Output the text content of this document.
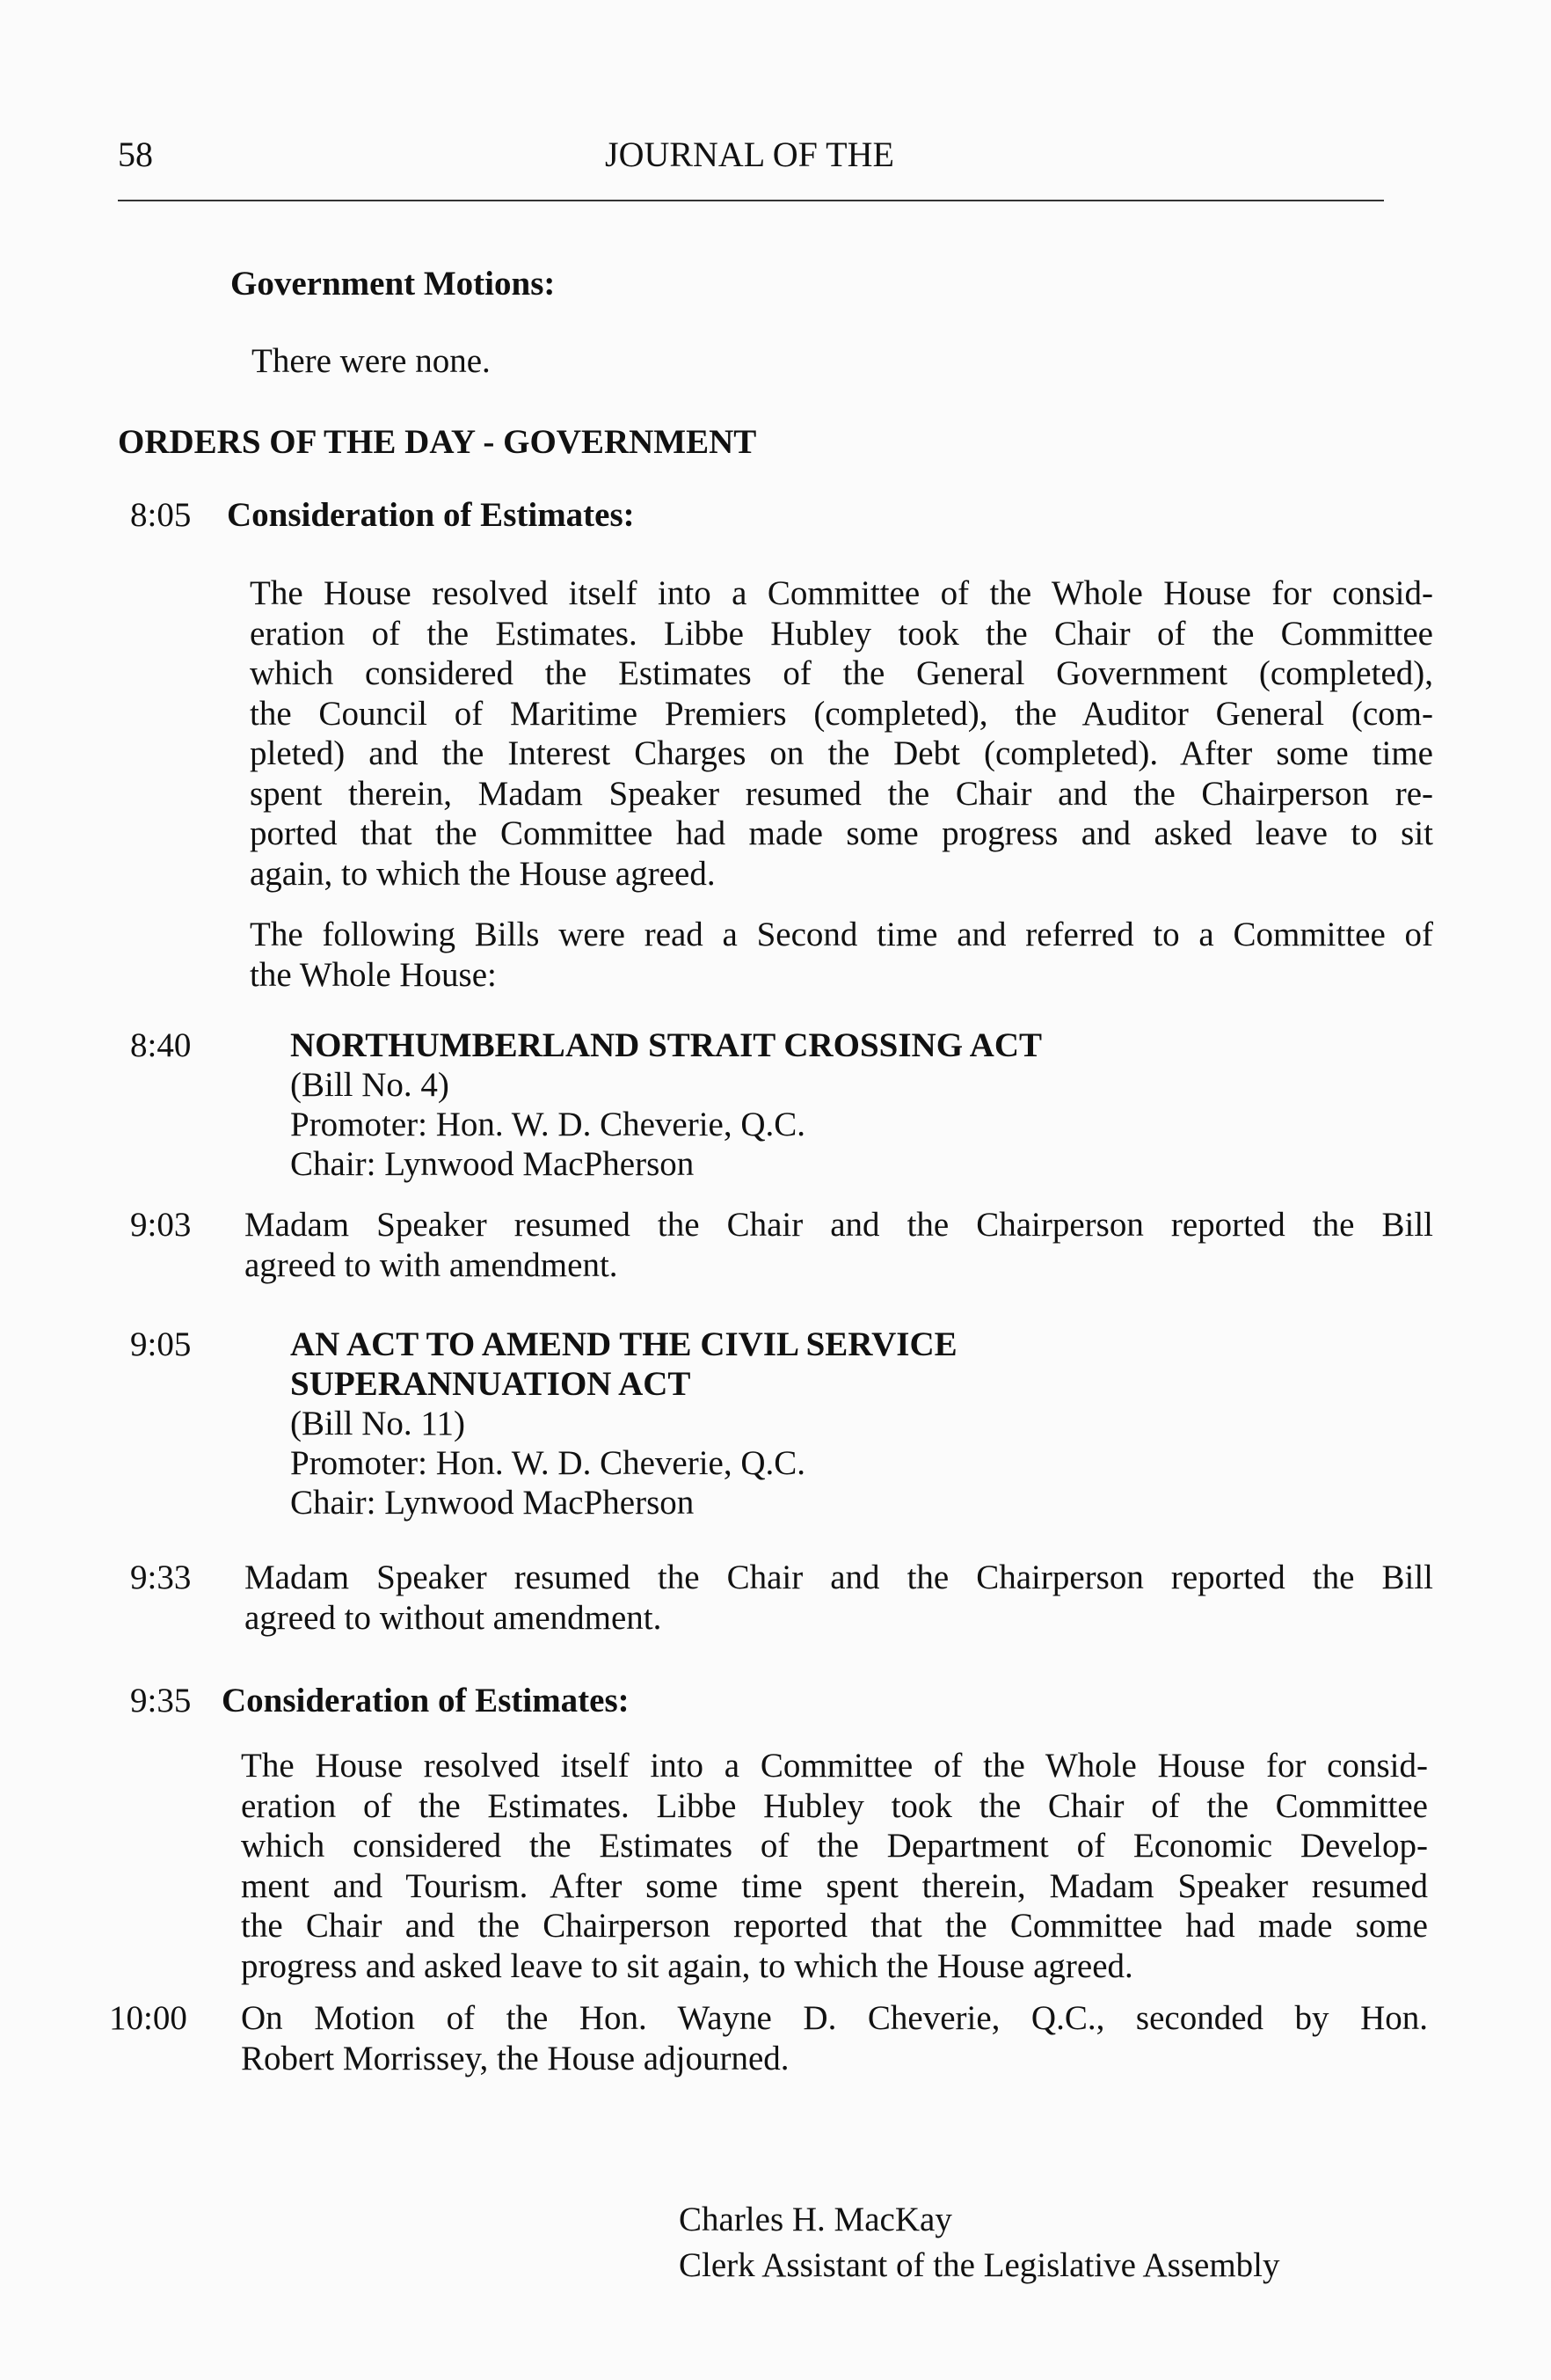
58	JOURNAL OF THE
Government Motions:
There were none.
ORDERS OF THE DAY - GOVERNMENT
8:05 Consideration of Estimates:
The House resolved itself into a Committee of the Whole House for consid-
eration of the Estimates. Libbe Hubley took the Chair of the Committee
which considered the Estimates of the General Government (completed),
the Council of Maritime Premiers (completed), the Auditor General (com-
pleted) and the Interest Charges on the Debt (completed). After some time
spent therein, Madam Speaker resumed the Chair and the Chairperson re-
ported that the Committee had made some progress and asked leave to sit
again, to which the House agreed.
The following Bills were read a Second time and referred to a Committee of
the Whole House:
8:40	NORTHUMBERLAND STRAIT CROSSING ACT
(Bill No. 4)
Promoter: Hon. W. D. Cheverie, Q.C.
Chair: Lynwood MacPherson
9:03 Madam Speaker resumed the Chair and the Chairperson reported the Bill
agreed to with amendment.
9:05	AN ACT TO AMEND THE CIVIL SERVICE
SUPERANNUATION ACT
(Bill No. 11)
Promoter: Hon. W. D. Cheverie, Q.C.
Chair: Lynwood MacPherson
9:33 Madam Speaker resumed the Chair and the Chairperson reported the Bill
agreed to without amendment.
9:35 Consideration of Estimates:
The House resolved itself into a Committee of the Whole House for consid-
eration of the Estimates. Libbe Hubley took the Chair of the Committee
which considered the Estimates of the Department of Economic Develop-
ment and Tourism. After some time spent therein, Madam Speaker resumed
the Chair and the Chairperson reported that the Committee had made some
progress and asked leave to sit again, to which the House agreed.
10:00 On Motion of the Hon. Wayne D. Cheverie, Q.C., seconded by Hon.
Robert Morrissey, the House adjourned.
Charles H. MacKay
Clerk Assistant of the Legislative Assembly
